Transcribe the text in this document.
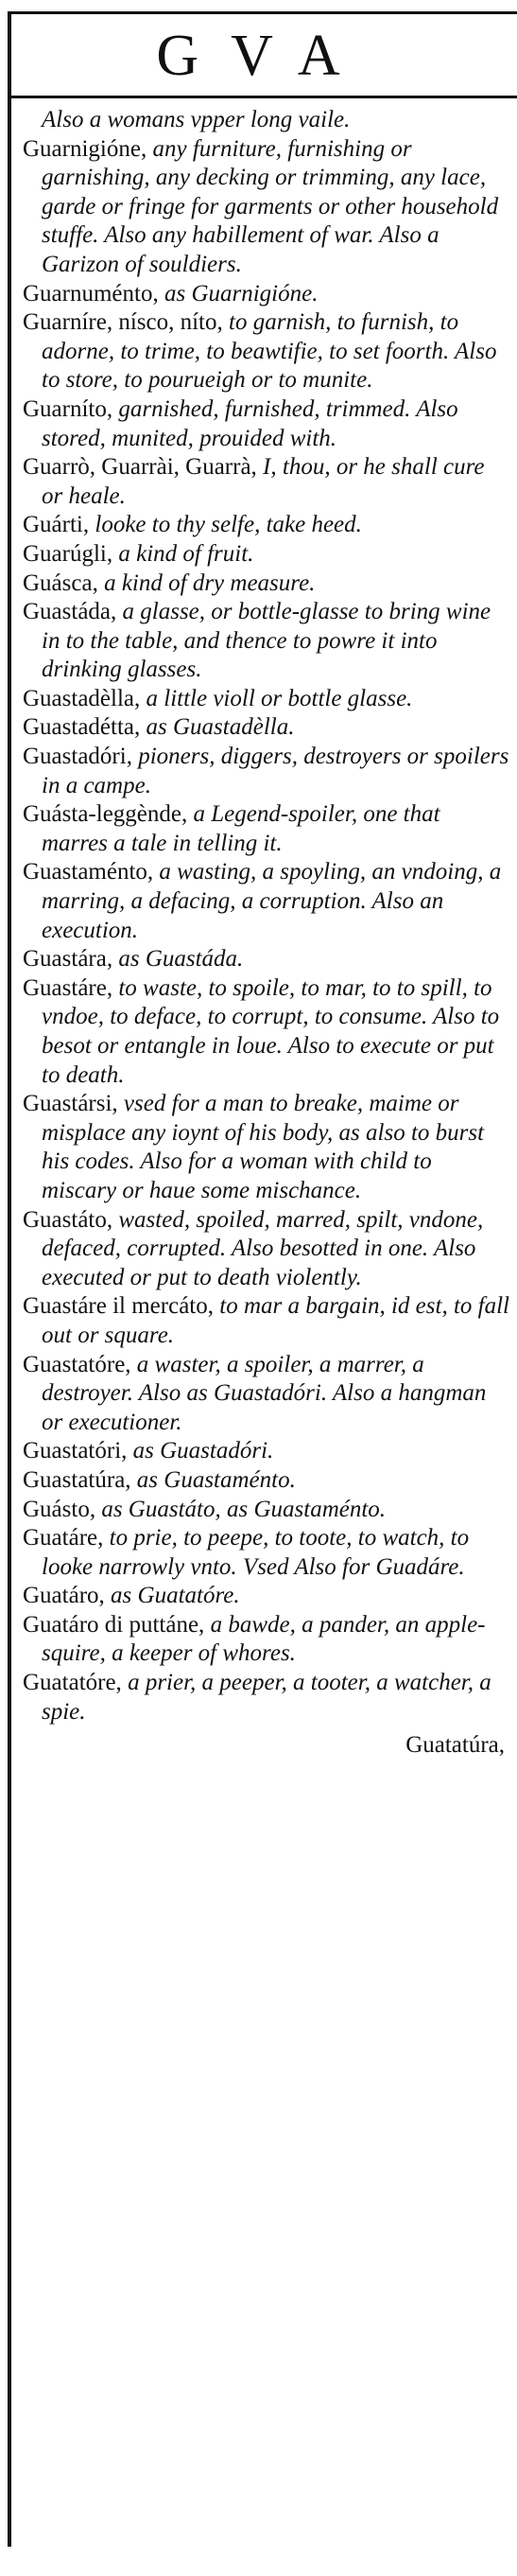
GVA
Also a womans vpper long vaile.
Guarnigióne, any furniture, furnishing or garnishing, any decking or trimming, any lace, garde or fringe for garments or other household stuffe. Also any habillement of war. Also a Garizon of souldiers.
Guarnuménto, as Guarnigióne.
Guarníre, nísco, níto, to garnish, to furnish, to adorne, to trime, to beawtifie, to set foorth. Also to store, to pourueigh or to munite.
Guarníto, garnished, furnished, trimmed. Also stored, munited, prouided with.
Guarrò, Guarrài, Guarrà, I, thou, or he shall cure or heale.
Guárti, looke to thy selfe, take heed.
Guarúgli, a kind of fruit.
Guásca, a kind of dry measure.
Guastáda, a glasse, or bottle-glasse to bring wine in to the table, and thence to powre it into drinking glasses.
Guastadèlla, a little violl or bottle glasse.
Guastadétta, as Guastadèlla.
Guastadóri, pioners, diggers, destroyers or spoilers in a campe.
Guásta-leggènde, a Legend-spoiler, one that marres a tale in telling it.
Guastaménto, a wasting, a spoyling, an vndoing, a marring, a defacing, a corruption. Also an execution.
Guastára, as Guastáda.
Guastáre, to waste, to spoile, to mar, to to spill, to vndoe, to deface, to corrupt, to consume. Also to besot or entangle in loue. Also to execute or put to death.
Guastársi, vsed for a man to breake, maime or misplace any ioynt of his body, as also to burst his codes. Also for a woman with child to miscary or haue some mischance.
Guastáto, wasted, spoiled, marred, spilt, vndone, defaced, corrupted. Also besotted in one. Also executed or put to death violently.
Guastáre il mercáto, to mar a bargain, id est, to fall out or square.
Guastatóre, a waster, a spoiler, a marrer, a destroyer. Also as Guastadóri. Also a hangman or executioner.
Guastatóri, as Guastadóri.
Guastatúra, as Guastaménto.
Guásto, as Guastáto, as Guastaménto.
Guatáre, to prie, to peepe, to toote, to watch, to looke narrowly vnto. Vsed Also for Guadáre.
Guatáro, as Guatatóre.
Guatáro di puttáne, a bawde, a pander, an apple-squire, a keeper of whores.
Guatatóre, a prier, a peeper, a tooter, a watcher, a spie.
Guatatúra,
